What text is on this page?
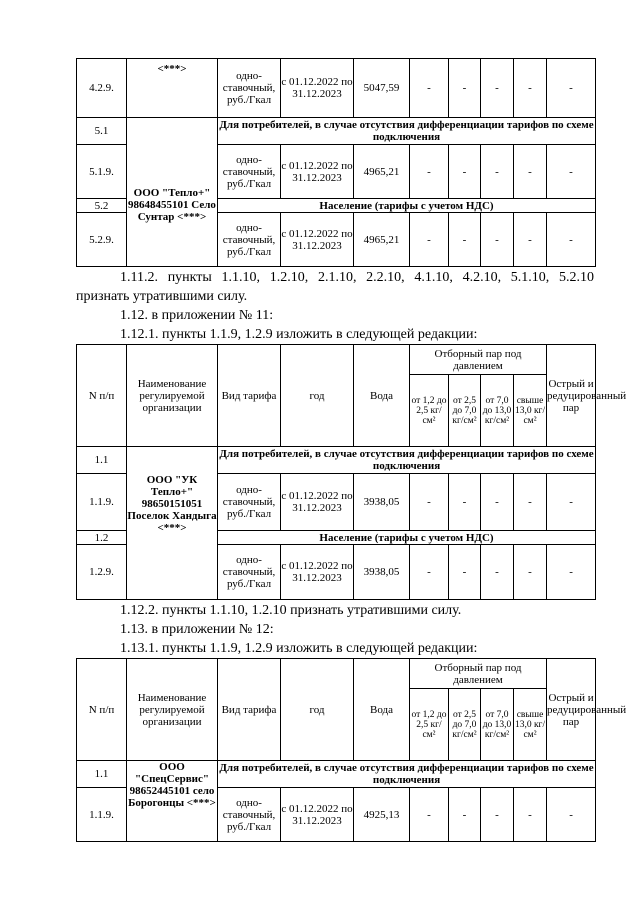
4.2.9.	<***>	одно-ставочный, руб./Гкал	с 01.12.2022 по 31.12.2023	5047,59	-	-	-	-	-
5.1		Для потребителей, в случае отсутствия дифференциации тарифов по схеме подключения							
5.1.9.	ООО "Тепло+" 98648455101 Село Сунтар <***>	одно-ставочный, руб./Гкал	с 01.12.2022 по 31.12.2023	4965,21	-	-	-	-	-
5.2		Население (тарифы с учетом НДС)							
5.2.9.		одно-ставочный, руб./Гкал	с 01.12.2022 по 31.12.2023	4965,21	-	-	-	-	-
1.11.2. пункты 1.1.10, 1.2.10, 2.1.10, 2.2.10, 4.1.10, 4.2.10, 5.1.10, 5.2.10
признать утратившими силу.
1.12. в приложении № 11:
1.12.1. пункты 1.1.9, 1.2.9 изложить в следующей редакции:
N п/п	Наименование регулируемой организации	Вид тарифа	год	Вода	Отборный пар под давлением				Острый и редуцированный пар
					от 1,2 до 2,5 кг/см²	от 2,5 до 7,0 кг/см²	от 7,0 до 13,0 кг/см²	свыше 13,0 кг/см²	
1.1		Для потребителей, в случае отсутствия дифференциации тарифов по схеме подключения							
1.1.9.	ООО "УК Тепло+" 98650151051 Поселок Хандыга <***>	одно-ставочный, руб./Гкал	с 01.12.2022 по 31.12.2023	3938,05	-	-	-	-	-
1.2		Население (тарифы с учетом НДС)							
1.2.9.		одно-ставочный, руб./Гкал	с 01.12.2022 по 31.12.2023	3938,05	-	-	-	-	-
1.12.2. пункты 1.1.10, 1.2.10 признать утратившими силу.
1.13. в приложении № 12:
1.13.1. пункты 1.1.9, 1.2.9 изложить в следующей редакции:
N п/п	Наименование регулируемой организации	Вид тарифа	год	Вода	Отборный пар под давлением				Острый и редуцированный пар
					от 1,2 до 2,5 кг/см²	от 2,5 до 7,0 кг/см²	от 7,0 до 13,0 кг/см²	свыше 13,0 кг/см²	
1.1	ООО "СпецСервис" 98652445101 село Борогонцы <***>	Для потребителей, в случае отсутствия дифференциации тарифов по схеме подключения							
1.1.9.		одно-ставочный, руб./Гкал	с 01.12.2022 по 31.12.2023	4925,13	-	-	-	-	-
